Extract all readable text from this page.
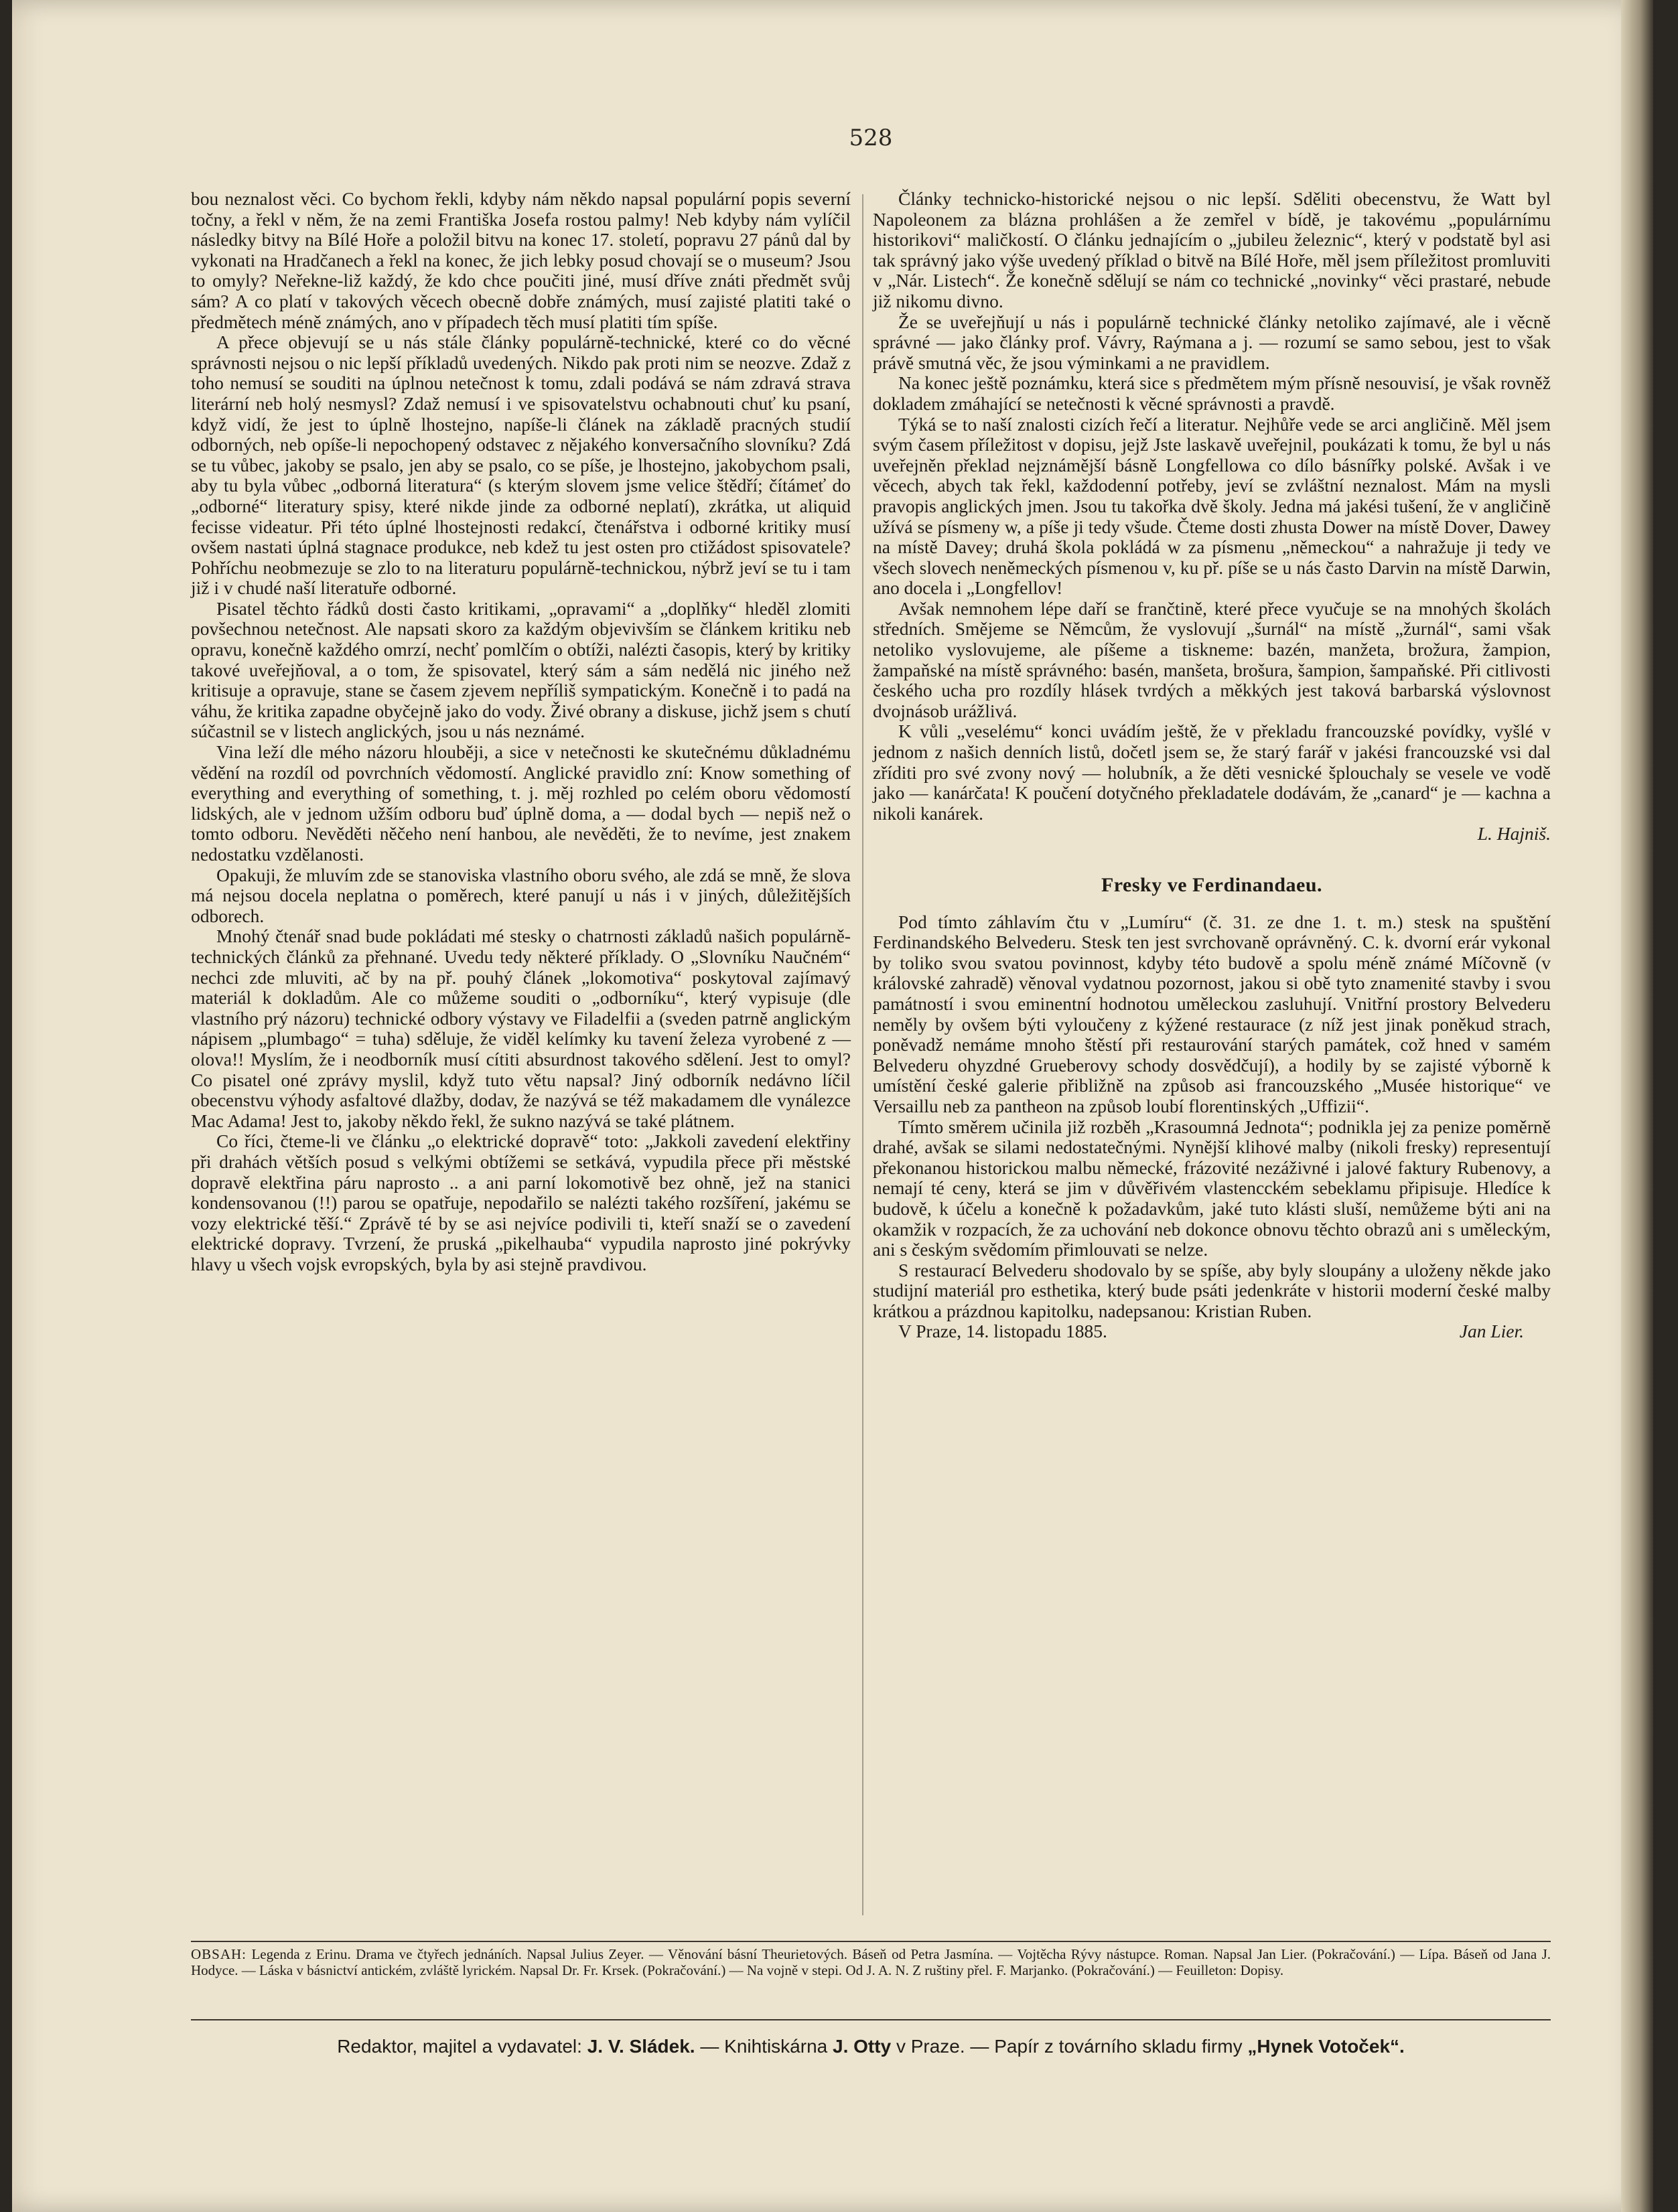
528

bou neznalost věci. Co bychom řekli, kdyby nám někdo napsal populární popis severní točny, a řekl v něm, že na zemi Františka Josefa rostou palmy! Neb kdyby nám vylíčil následky bitvy na Bílé Hoře a položil bitvu na konec 17. století, popravu 27 pánů dal by vykonati na Hradčanech a řekl na konec, že jich lebky posud chovají se o museum? Jsou to omyly? Neřekne-liž každý, že kdo chce poučiti jiné, musí dříve znáti předmět svůj sám? A co platí v takových věcech obecně dobře známých, musí zajisté platiti také o předmětech méně známých, ano v případech těch musí platiti tím spíše.

A přece objevují se u nás stále články populárně-technické, které co do věcné správnosti nejsou o nic lepší příkladů uvedených. Nikdo pak proti nim se neozve. Zdaž z toho nemusí se souditi na úplnou netečnost k tomu, zdali podává se nám zdravá strava literární neb holý nesmysl? Zdaž nemusí i ve spisovatelstvu ochabnouti chuť ku psaní, když vidí, že jest to úplně lhostejno, napíše-li článek na základě pracných studií odborných, neb opíše-li nepochopený odstavec z nějakého konversačního slovníku? Zdá se tu vůbec, jakoby se psalo, jen aby se psalo, co se píše, je lhostejno, jakobychom psali, aby tu byla vůbec „odborná literatura“ (s kterým slovem jsme velice štědří; čítámeť do „odborné“ literatury spisy, které nikde jinde za odborné neplatí), zkrátka, ut aliquid fecisse videatur. Při této úplné lhostejnosti redakcí, čtenářstva i odborné kritiky musí ovšem nastati úplná stagnace produkce, neb kdež tu jest osten pro ctižádost spisovatele? Pohříchu neobmezuje se zlo to na literaturu populárně-technickou, nýbrž jeví se tu i tam již i v chudé naší literatuře odborné.

Pisatel těchto řádků dosti často kritikami, „opravami“ a „doplňky“ hleděl zlomiti povšechnou netečnost. Ale napsati skoro za každým objevivším se článkem kritiku neb opravu, konečně každého omrzí, nechť pomlčím o obtíži, nalézti časopis, který by kritiky takové uveřejňoval, a o tom, že spisovatel, který sám a sám nedělá nic jiného než kritisuje a opravuje, stane se časem zjevem nepříliš sympatickým. Konečně i to padá na váhu, že kritika zapadne obyčejně jako do vody. Živé obrany a diskuse, jichž jsem s chutí súčastnil se v listech anglických, jsou u nás neznámé.

Vina leží dle mého názoru hlouběji, a sice v netečnosti ke skutečnému důkladnému vědění na rozdíl od povrchních vědomostí. Anglické pravidlo zní: Know something of everything and everything of something, t. j. měj rozhled po celém oboru vědomostí lidských, ale v jednom užším odboru buď úplně doma, a — dodal bych — nepiš než o tomto odboru. Nevěděti něčeho není hanbou, ale nevěděti, že to nevíme, jest znakem nedostatku vzdělanosti.

Opakuji, že mluvím zde se stanoviska vlastního oboru svého, ale zdá se mně, že slova má nejsou docela neplatna o poměrech, které panují u nás i v jiných, důležitějších odborech.

Mnohý čtenář snad bude pokládati mé stesky o chatrnosti základů našich populárně-technických článků za přehnané. Uvedu tedy některé příklady. O „Slovníku Naučném“ nechci zde mluviti, ač by na př. pouhý článek „lokomotiva“ poskytoval zajímavý materiál k dokladům. Ale co můžeme souditi o „odborníku“, který vypisuje (dle vlastního prý názoru) technické odbory výstavy ve Filadelfii a (sveden patrně anglickým nápisem „plumbago“ = tuha) sděluje, že viděl kelímky ku tavení železa vyrobené z — olova!! Myslím, že i neodborník musí cítiti absurdnost takového sdělení. Jest to omyl? Co pisatel oné zprávy myslil, když tuto větu napsal? Jiný odborník nedávno líčil obecenstvu výhody asfaltové dlažby, dodav, že nazývá se též makadamem dle vynálezce Mac Adama! Jest to, jakoby někdo řekl, že sukno nazývá se také plátnem.

Co říci, čteme-li ve článku „o elektrické dopravě“ toto: „Jakkoli zavedení elektřiny při drahách větších posud s velkými obtížemi se setkává, vypudila přece při městské dopravě elektřina páru naprosto .. a ani parní lokomotivě bez ohně, jež na stanici kondensovanou (!!) parou se opatřuje, nepodařilo se nalézti takého rozšíření, jakému se vozy elektrické těší.“ Zprávě té by se asi nejvíce podivili ti, kteří snaží se o zavedení elektrické dopravy. Tvrzení, že pruská „pikelhauba“ vypudila naprosto jiné pokrývky hlavy u všech vojsk evropských, byla by asi stejně pravdivou.

Články technicko-historické nejsou o nic lepší. Sděliti obecenstvu, že Watt byl Napoleonem za blázna prohlášen a že zemřel v bídě, je takovému „populárnímu historikovi“ maličkostí. O článku jednajícím o „jubileu železnic“, který v podstatě byl asi tak správný jako výše uvedený příklad o bitvě na Bílé Hoře, měl jsem příležitost promluviti v „Nár. Listech“. Že konečně sdělují se nám co technické „novinky“ věci prastaré, nebude již nikomu divno.

Že se uveřejňují u nás i populárně technické články netoliko zajímavé, ale i věcně správné — jako články prof. Vávry, Raýmana a j. — rozumí se samo sebou, jest to však právě smutná věc, že jsou výminkami a ne pravidlem.

Na konec ještě poznámku, která sice s předmětem mým přísně nesouvisí, je však rovněž dokladem zmáhající se netečnosti k věcné správnosti a pravdě.

Týká se to naší znalosti cizích řečí a literatur. Nejhůře vede se arci angličině. Měl jsem svým časem příležitost v dopisu, jejž Jste laskavě uveřejnil, poukázati k tomu, že byl u nás uveřejněn překlad nejznámější básně Longfellowa co dílo básnířky polské. Avšak i ve věcech, abych tak řekl, každodenní potřeby, jeví se zvláštní neznalost. Mám na mysli pravopis anglických jmen. Jsou tu takořka dvě školy. Jedna má jakési tušení, že v angličině užívá se písmeny w, a píše ji tedy všude. Čteme dosti zhusta Dower na místě Dover, Dawey na místě Davey; druhá škola pokládá w za písmenu „německou“ a nahražuje ji tedy ve všech slovech neněmeckých písmenou v, ku př. píše se u nás často Darvin na místě Darwin, ano docela i „Longfellov!

Avšak nemnohem lépe daří se frančtině, které přece vyučuje se na mnohých školách středních. Smějeme se Němcům, že vyslovují „šurnál“ na místě „žurnál“, sami však netoliko vyslovujeme, ale píšeme a tiskneme: bazén, manžeta, brožura, žampion, žampaňské na místě správného: basén, manšeta, brošura, šampion, šampaňské. Při citlivosti českého ucha pro rozdíly hlásek tvrdých a měkkých jest taková barbarská výslovnost dvojnásob urážlivá.

K vůli „veselému“ konci uvádím ještě, že v překladu francouzské povídky, vyšlé v jednom z našich denních listů, dočetl jsem se, že starý farář v jakési francouzské vsi dal zříditi pro své zvony nový — holubník, a že děti vesnické šplouchaly se vesele ve vodě jako — kanárčata! K poučení dotyčného překladatele dodávám, že „canard“ je — kachna a nikoli kanárek.

L. Hajniš.

Fresky ve Ferdinandaeu.

Pod tímto záhlavím čtu v „Lumíru“ (č. 31. ze dne 1. t. m.) stesk na spuštění Ferdinandského Belvederu. Stesk ten jest svrchovaně oprávněný. C. k. dvorní erár vykonal by toliko svou svatou povinnost, kdyby této budově a spolu méně známé Míčovně (v královské zahradě) věnoval vydatnou pozornost, jakou si obě tyto znamenité stavby i svou památností i svou eminentní hodnotou uměleckou zasluhují. Vnitřní prostory Belvederu neměly by ovšem býti vyloučeny z kýžené restaurace (z níž jest jinak poněkud strach, poněvadž nemáme mnoho štěstí při restaurování starých památek, což hned v samém Belvederu ohyzdné Grueberovy schody dosvědčují), a hodily by se zajisté výborně k umístění české galerie přibližně na způsob asi francouzského „Musée historique“ ve Versaillu neb za pantheon na způsob loubí florentinských „Uffizii“.

Tímto směrem učinila již rozběh „Krasoumná Jednota“; podnikla jej za penize poměrně drahé, avšak se silami nedostatečnými. Nynější klihové malby (nikoli fresky) representují překonanou historickou malbu německé, frázovité nezáživné i jalové faktury Rubenovy, a nemají té ceny, která se jim v důvěřivém vlastencckém sebeklamu připisuje. Hledíce k budově, k účelu a konečně k požadavkům, jaké tuto klásti sluší, nemůžeme býti ani na okamžik v rozpacích, že za uchování neb dokonce obnovu těchto obrazů ani s uměleckým, ani s českým svědomím přimlouvati se nelze.

S restaurací Belvederu shodovalo by se spíše, aby byly sloupány a uloženy někde jako studijní materiál pro esthetika, který bude psáti jedenkráte v historii moderní české malby krátkou a prázdnou kapitolku, nadepsanou: Kristian Ruben.

V Praze, 14. listopadu 1885.	Jan Lier.
OBSAH: Legenda z Erinu. Drama ve čtyřech jednáních. Napsal Julius Zeyer. — Věnování básní Theurietových. Báseň od Petra Jasmína. — Vojtěcha Rývy nástupce. Roman. Napsal Jan Lier. (Pokračování.) — Lípa. Báseň od Jana J. Hodyce. — Láska v básnictví antickém, zvláště lyrickém. Napsal Dr. Fr. Krsek. (Pokračování.) — Na vojně v stepi. Od J. A. N. Z ruštiny přel. F. Marjanko. (Pokračování.) — Feuilleton: Dopisy.
Redaktor, majitel a vydavatel: J. V. Sládek. — Knihtiskárna J. Otty v Praze. — Papír z továrního skladu firmy „Hynek Votoček“.
